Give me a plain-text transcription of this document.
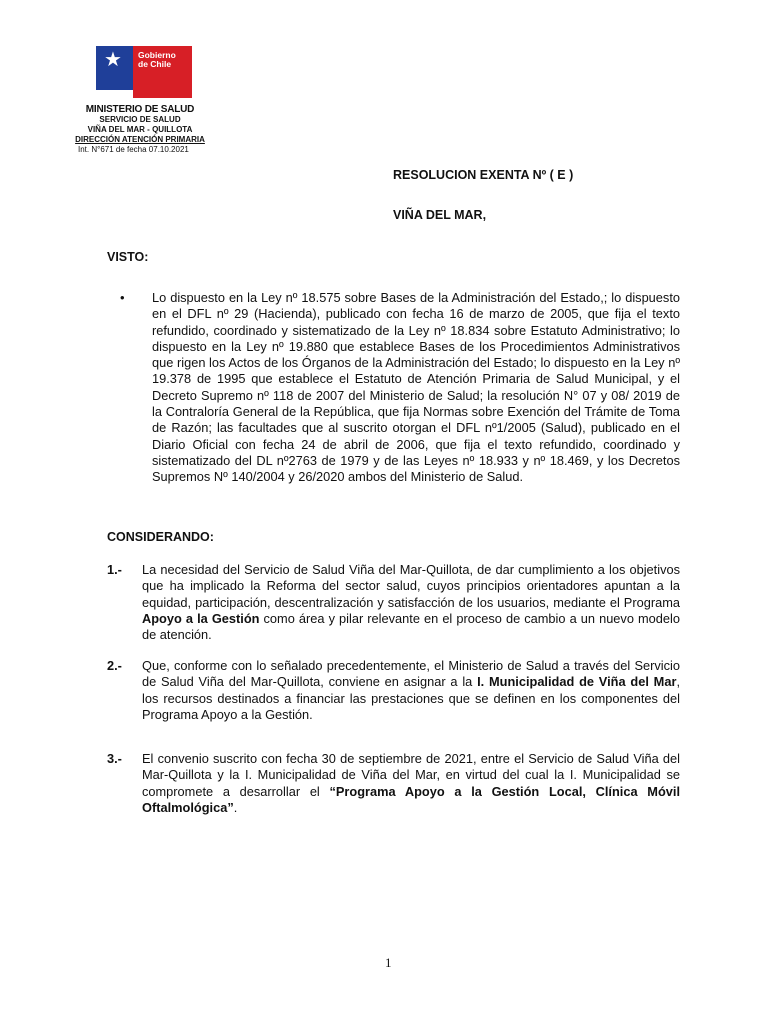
★ Gobierno
de Chile
MINISTERIO DE SALUD
SERVICIO DE SALUD
VIÑA DEL MAR - QUILLOTA
DIRECCIÓN ATENCIÓN PRIMARIA
Int. N°671 de fecha 07.10.2021
RESOLUCION EXENTA Nº ( E )
VIÑA DEL MAR,
VISTO:
• Lo dispuesto en la Ley nº 18.575 sobre Bases de la Administración del Estado,; lo dispuesto en el DFL nº 29 (Hacienda), publicado con fecha 16 de marzo de 2005, que fija el texto refundido, coordinado y sistematizado de la Ley nº 18.834 sobre Estatuto Administrativo; lo dispuesto en la Ley nº 19.880 que establece Bases de los Procedimientos Administrativos que rigen los Actos de los Órganos de la Administración del Estado; lo dispuesto en la Ley nº 19.378 de 1995 que establece el Estatuto de Atención Primaria de Salud Municipal, y el Decreto Supremo nº 118 de 2007 del Ministerio de Salud; la resolución N° 07 y 08/ 2019 de la Contraloría General de la República, que fija Normas sobre Exención del Trámite de Toma de Razón; las facultades que al suscrito otorgan el DFL nº1/2005 (Salud), publicado en el Diario Oficial con fecha 24 de abril de 2006, que fija el texto refundido, coordinado y sistematizado del DL nº2763 de 1979 y de las Leyes nº 18.933 y nº 18.469, y los Decretos Supremos Nº 140/2004 y 26/2020 ambos del Ministerio de Salud.

CONSIDERANDO:
1.- La necesidad del Servicio de Salud Viña del Mar-Quillota, de dar cumplimiento a los objetivos que ha implicado la Reforma del sector salud, cuyos principios orientadores apuntan a la equidad, participación, descentralización y satisfacción de los usuarios, mediante el Programa Apoyo a la Gestión como área y pilar relevante en el proceso de cambio a un nuevo modelo de atención.

2.- Que, conforme con lo señalado precedentemente, el Ministerio de Salud a través del Servicio de Salud Viña del Mar-Quillota, conviene en asignar a la I. Municipalidad de Viña del Mar, los recursos destinados a financiar las prestaciones que se definen en los componentes del Programa Apoyo a la Gestión.

3.- El convenio suscrito con fecha 30 de septiembre de 2021, entre el Servicio de Salud Viña del Mar-Quillota y la I. Municipalidad de Viña del Mar, en virtud del cual la I. Municipalidad se compromete a desarrollar el “Programa Apoyo a la Gestión Local, Clínica Móvil Oftalmológica”.

1
